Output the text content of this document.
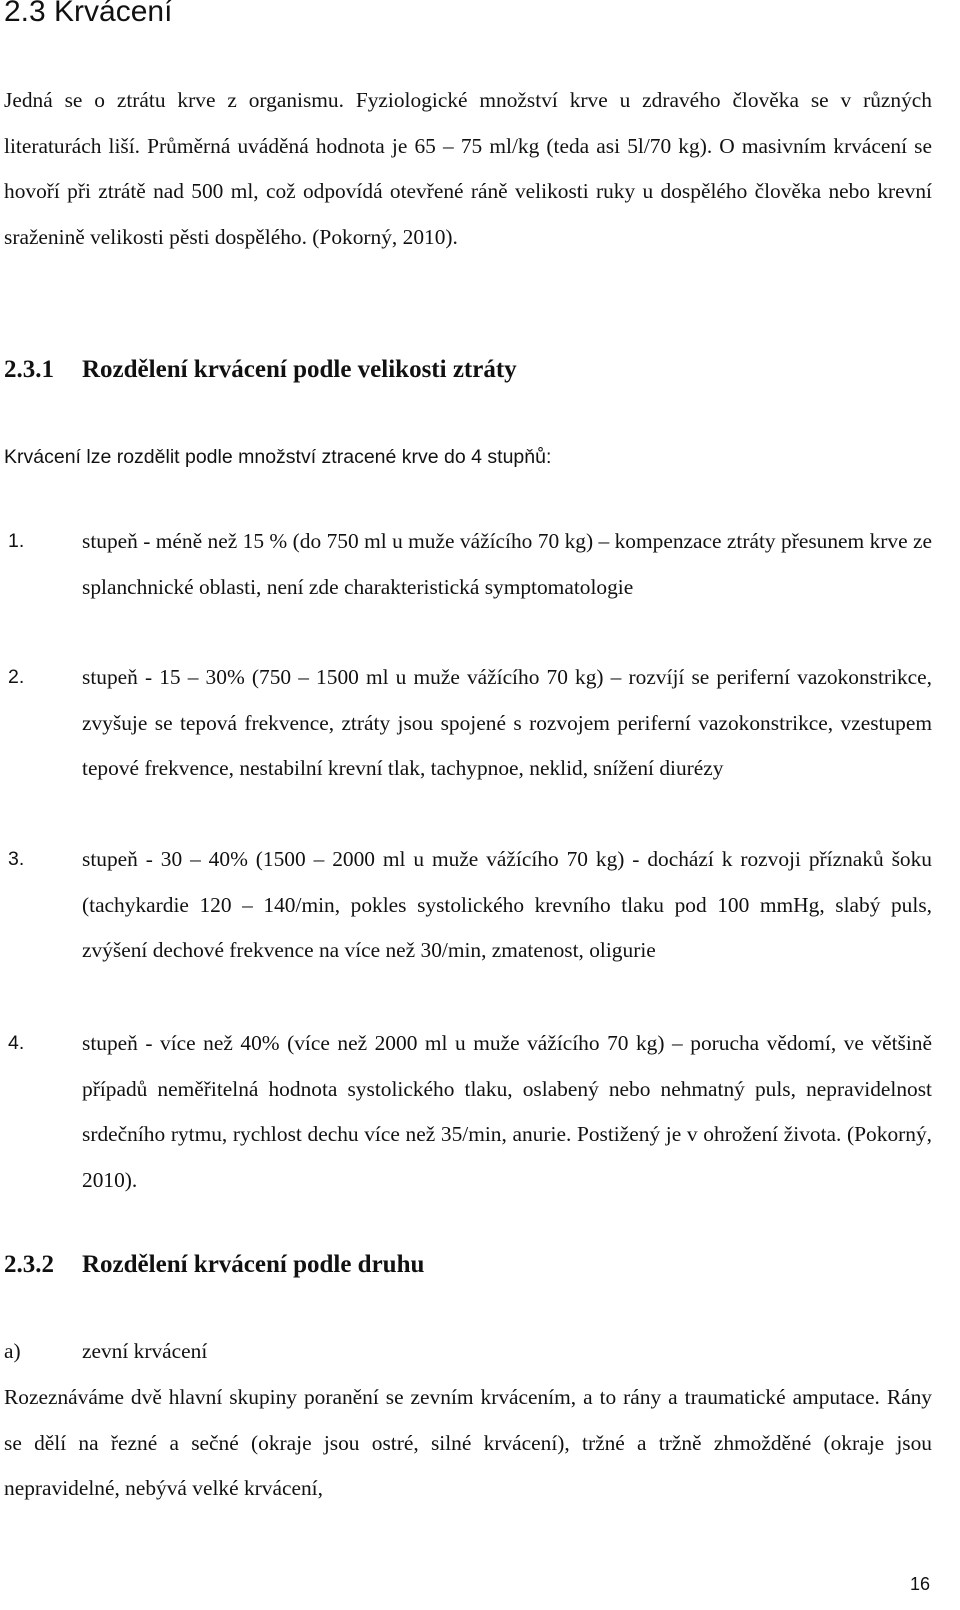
2.3 Krvácení

Jedná se o ztrátu krve z organismu. Fyziologické množství krve u zdravého člověka se v různých literaturách liší. Průměrná uváděná hodnota je 65 – 75 ml/kg (teda asi 5l/70 kg). O masivním krvácení se hovoří při ztrátě nad 500 ml, což odpovídá otevřené ráně velikosti ruky u dospělého člověka nebo krevní sraženině velikosti pěsti dospělého. (Pokorný, 2010).

2.3.1 Rozdělení krvácení podle velikosti ztráty

Krvácení lze rozdělit podle množství ztracené krve do 4 stupňů:

1.	stupeň - méně než 15 % (do 750 ml u muže vážícího 70 kg) – kompenzace ztráty přesunem krve ze splanchnické oblasti, není zde charakteristická symptomatologie
2.	stupeň - 15 – 30% (750 – 1500 ml u muže vážícího 70 kg) – rozvíjí se periferní vazokonstrikce, zvyšuje se tepová frekvence, ztráty jsou spojené s rozvojem periferní vazokonstrikce, vzestupem tepové frekvence, nestabilní krevní tlak, tachypnoe, neklid, snížení diurézy
3.	stupeň - 30 – 40% (1500 – 2000 ml u muže vážícího 70 kg) - dochází k rozvoji příznaků šoku (tachykardie 120 – 140/min, pokles systolického krevního tlaku pod 100 mmHg, slabý puls, zvýšení dechové frekvence na více než 30/min, zmatenost, oligurie
4.	stupeň - více než 40% (více než 2000 ml u muže vážícího 70 kg) – porucha vědomí, ve většině případů neměřitelná hodnota systolického tlaku, oslabený nebo nehmatný puls, nepravidelnost srdečního rytmu, rychlost dechu více než 35/min, anurie. Postižený je v ohrožení života. (Pokorný, 2010).
2.3.2 Rozdělení krvácení podle druhu
a)	zevní krvácení

Rozeznáváme dvě hlavní skupiny poranění se zevním krvácením, a to rány a traumatické amputace. Rány se dělí na řezné a sečné (okraje jsou ostré, silné krvácení), tržné a tržně zhmožděné (okraje jsou nepravidelné, nebývá velké krvácení,

16
